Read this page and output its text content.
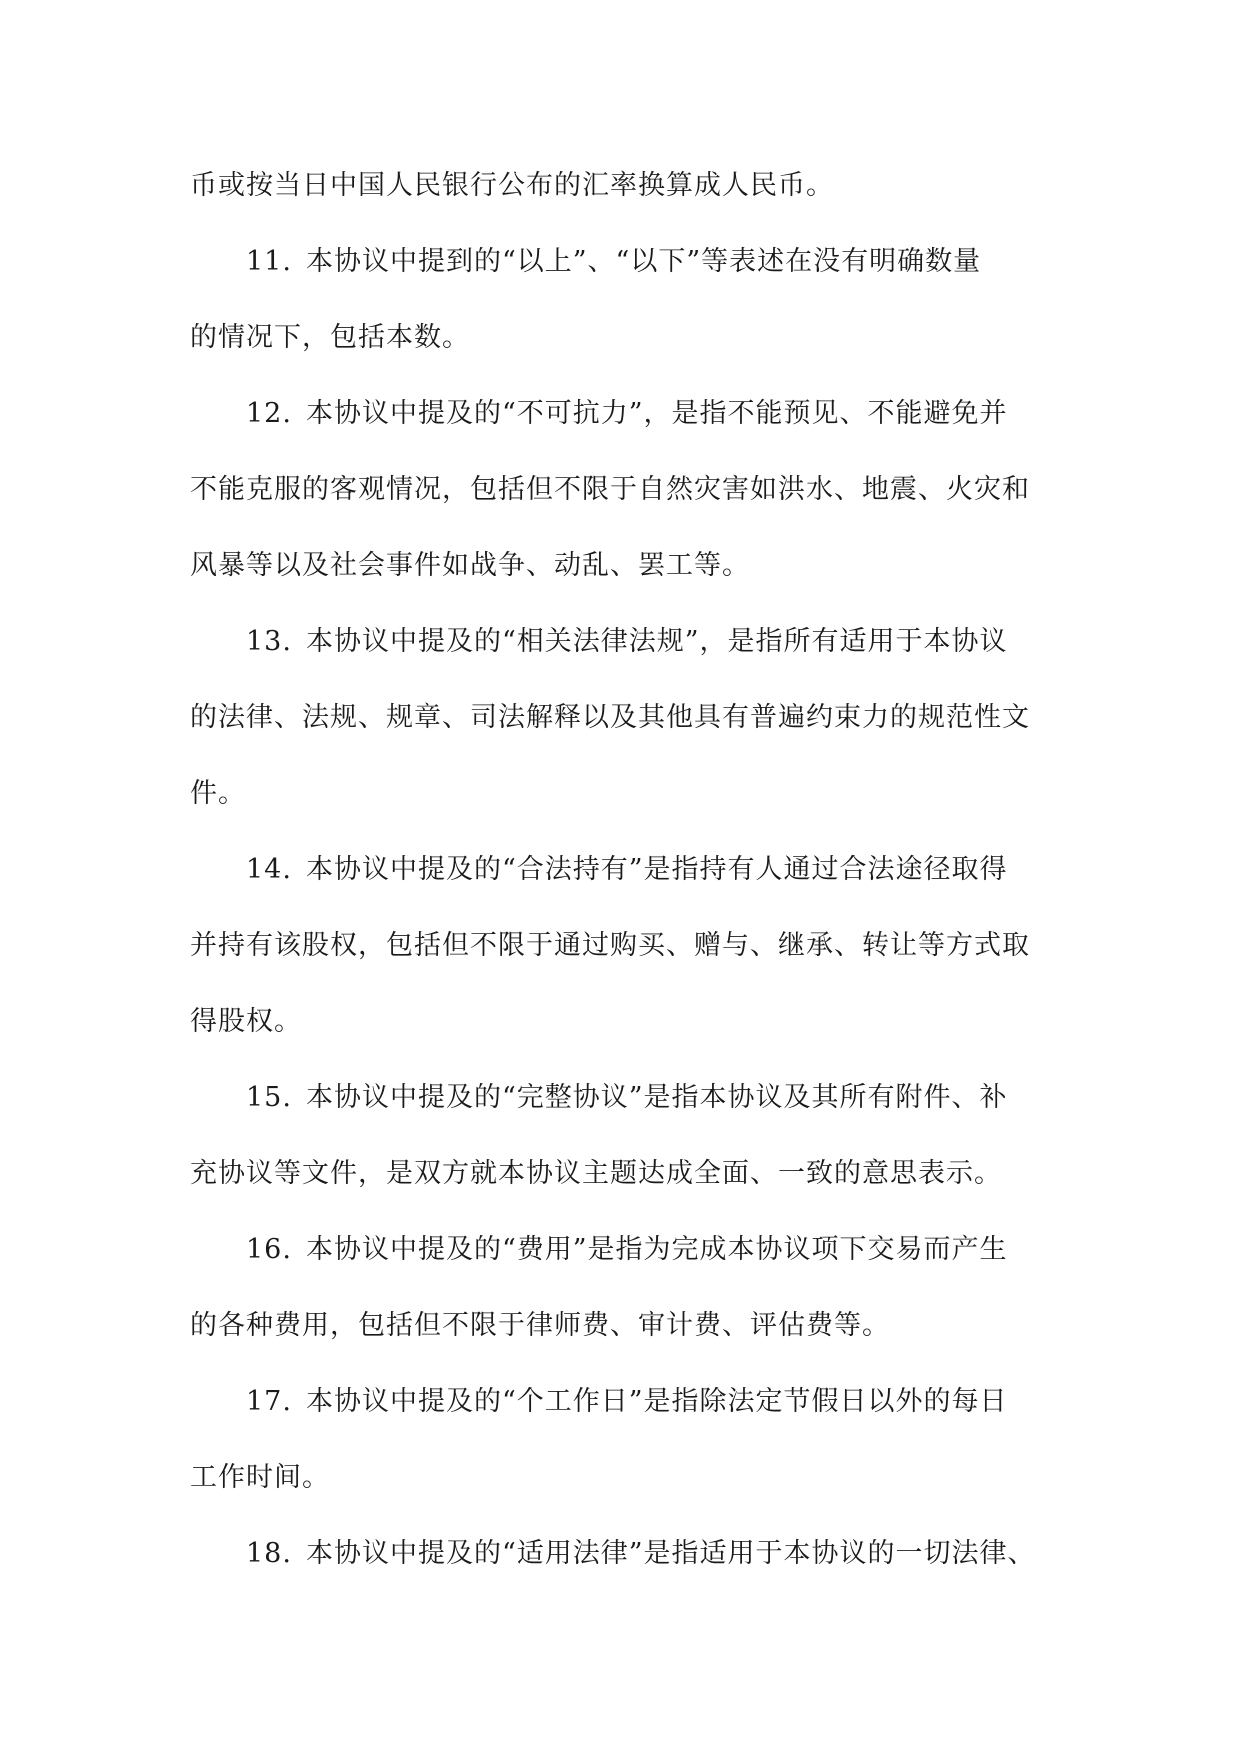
币或按当日中国人民银行公布的汇率换算成人民币。
11. 本协议中提到的“以上”、“以下”等表述在没有明确数量
的情况下，包括本数。
12. 本协议中提及的“不可抗力”，是指不能预见、不能避免并
不能克服的客观情况，包括但不限于自然灾害如洪水、地震、火灾和
风暴等以及社会事件如战争、动乱、罢工等。
13. 本协议中提及的“相关法律法规”，是指所有适用于本协议
的法律、法规、规章、司法解释以及其他具有普遍约束力的规范性文
件。
14. 本协议中提及的“合法持有”是指持有人通过合法途径取得
并持有该股权，包括但不限于通过购买、赠与、继承、转让等方式取
得股权。
15. 本协议中提及的“完整协议”是指本协议及其所有附件、补
充协议等文件，是双方就本协议主题达成全面、一致的意思表示。
16. 本协议中提及的“费用”是指为完成本协议项下交易而产生
的各种费用，包括但不限于律师费、审计费、评估费等。
17. 本协议中提及的“个工作日”是指除法定节假日以外的每日
工作时间。
18. 本协议中提及的“适用法律”是指适用于本协议的一切法律、
